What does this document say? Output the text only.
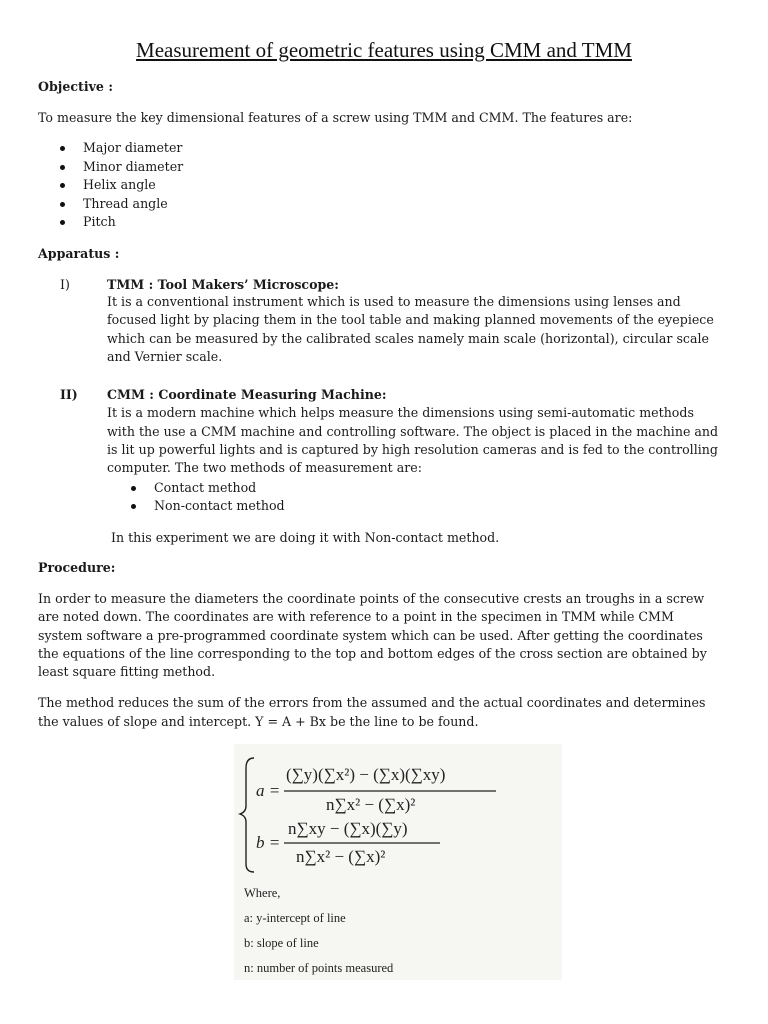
Measurement of geometric features using CMM and TMM
Objective :
To measure the key dimensional features of a screw using TMM and CMM. The features are:
Major diameter
Minor diameter
Helix angle
Thread angle
Pitch
Apparatus :
I)	TMM : Tool Makers’ Microscope:
It is a conventional instrument which is used to measure the dimensions using lenses and
focused light by placing them in the tool table and making planned movements of the eyepiece
which can be measured by the calibrated scales namely main scale (horizontal), circular scale
and Vernier scale.
II) CMM : Coordinate Measuring Machine:
It is a modern machine which helps measure the dimensions using semi-automatic methods
with the use a CMM machine and controlling software. The object is placed in the machine and
is lit up powerful lights and is captured by high resolution cameras and is fed to the controlling
computer. The two methods of measurement are:
Contact method
Non-contact method
In this experiment we are doing it with Non-contact method.
Procedure:
In order to measure the diameters the coordinate points of the consecutive crests an troughs in a screw
are noted down. The coordinates are with reference to a point in the specimen in TMM while CMM
system software a pre-programmed coordinate system which can be used. After getting the coordinates
the equations of the line corresponding to the top and bottom edges of the cross section are obtained by
least square fitting method.
The method reduces the sum of the errors from the assumed and the actual coordinates and determines
the values of slope and intercept. Y = A + Bx be the line to be found.
a =
(∑y)(∑x²) − (∑x)(∑xy)
n∑x² − (∑x)²
b =
n∑xy − (∑x)(∑y)
n∑x² − (∑x)²
Where,
a: y-intercept of line
b: slope of line
n: number of points measured
